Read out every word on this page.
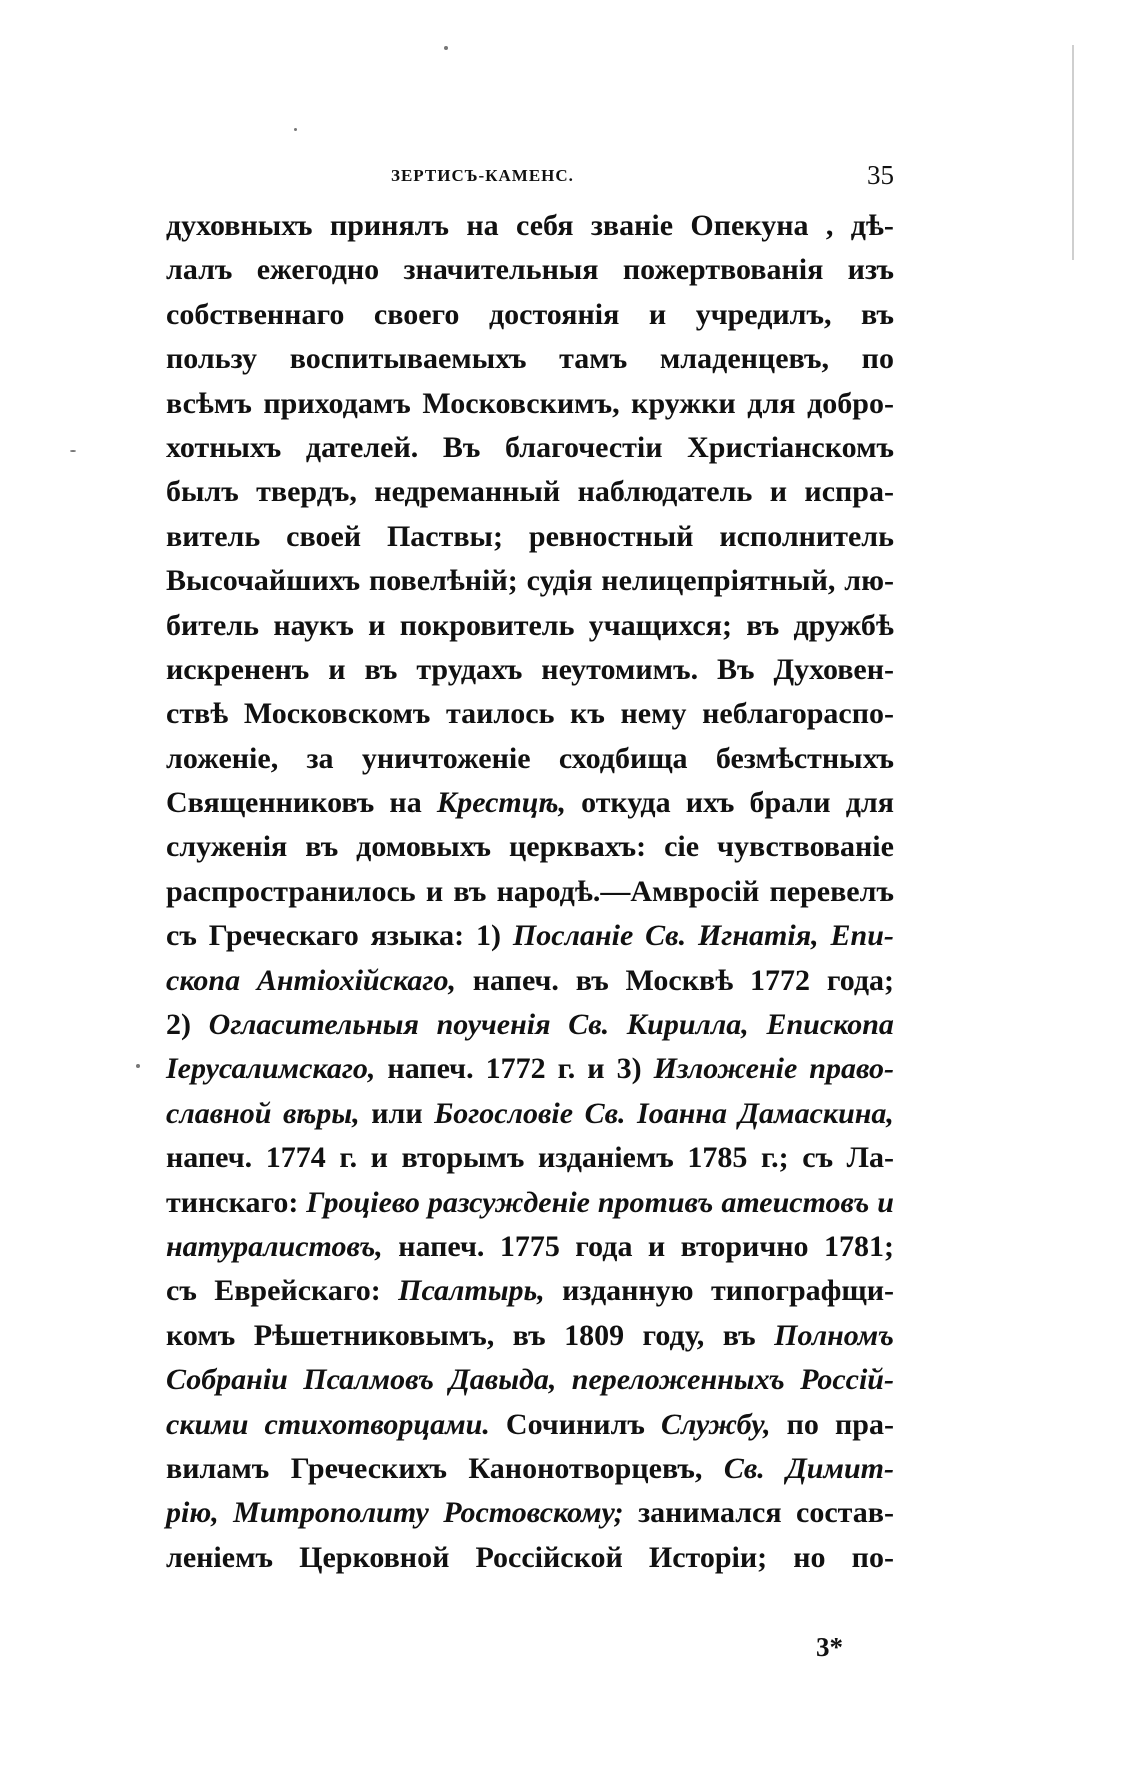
ЗЕРТИСЪ-КАМЕНС.	35
духовныхъ принялъ на себя званіе Опекуна , дѣ-
лалъ ежегодно значительныя пожертвованія изъ
собственнаго своего достоянія и учредилъ, въ
пользу воспитываемыхъ тамъ младенцевъ, по
всѣмъ приходамъ Московскимъ, кружки для добро-
хотныхъ дателей. Въ благочестіи Христіанскомъ
былъ твердъ, недреманный наблюдатель и испра-
витель своей Паствы; ревностный исполнитель
Высочайшихъ повелѣній; судія нелицепріятный, лю-
битель наукъ и покровитель учащихся; въ дружбѣ
искрененъ и въ трудахъ неутомимъ. Въ Духовен-
ствѣ Московскомъ таилось къ нему неблагораспо-
ложеніе, за уничтоженіе сходбища безмѣстныхъ
Священниковъ на Крестцѣ, откуда ихъ брали для
служенія въ домовыхъ церквахъ: сіе чувствованіе
распространилось и въ народѣ.—Амвросій перевелъ
съ Греческаго языка: 1) Посланіе Св. Игнатія, Епи-
скопа Антіохійскаго, напеч. въ Москвѣ 1772 года;
2) Огласительныя поученія Св. Кирилла, Епископа
Іерусалимскаго, напеч. 1772 г. и 3) Изложеніе право-
славной вѣры, или Богословіе Св. Іоанна Дамаскина,
напеч. 1774 г. и вторымъ изданіемъ 1785 г.; съ Ла-
тинскаго: Гроціево разсужденіе противъ атеистовъ и
натуралистовъ, напеч. 1775 года и вторично 1781;
съ Еврейскаго: Псалтырь, изданную типографщи-
комъ Рѣшетниковымъ, въ 1809 году, въ Полномъ
Собраніи Псалмовъ Давыда, переложенныхъ Россій-
скими стихотворцами. Сочинилъ Службу, по пра-
виламъ Греческихъ Канонотворцевъ, Св. Димит-
рію, Митрополиту Ростовскому; занимался состав-
леніемъ Церковной Россійской Исторіи; но по-
3*
